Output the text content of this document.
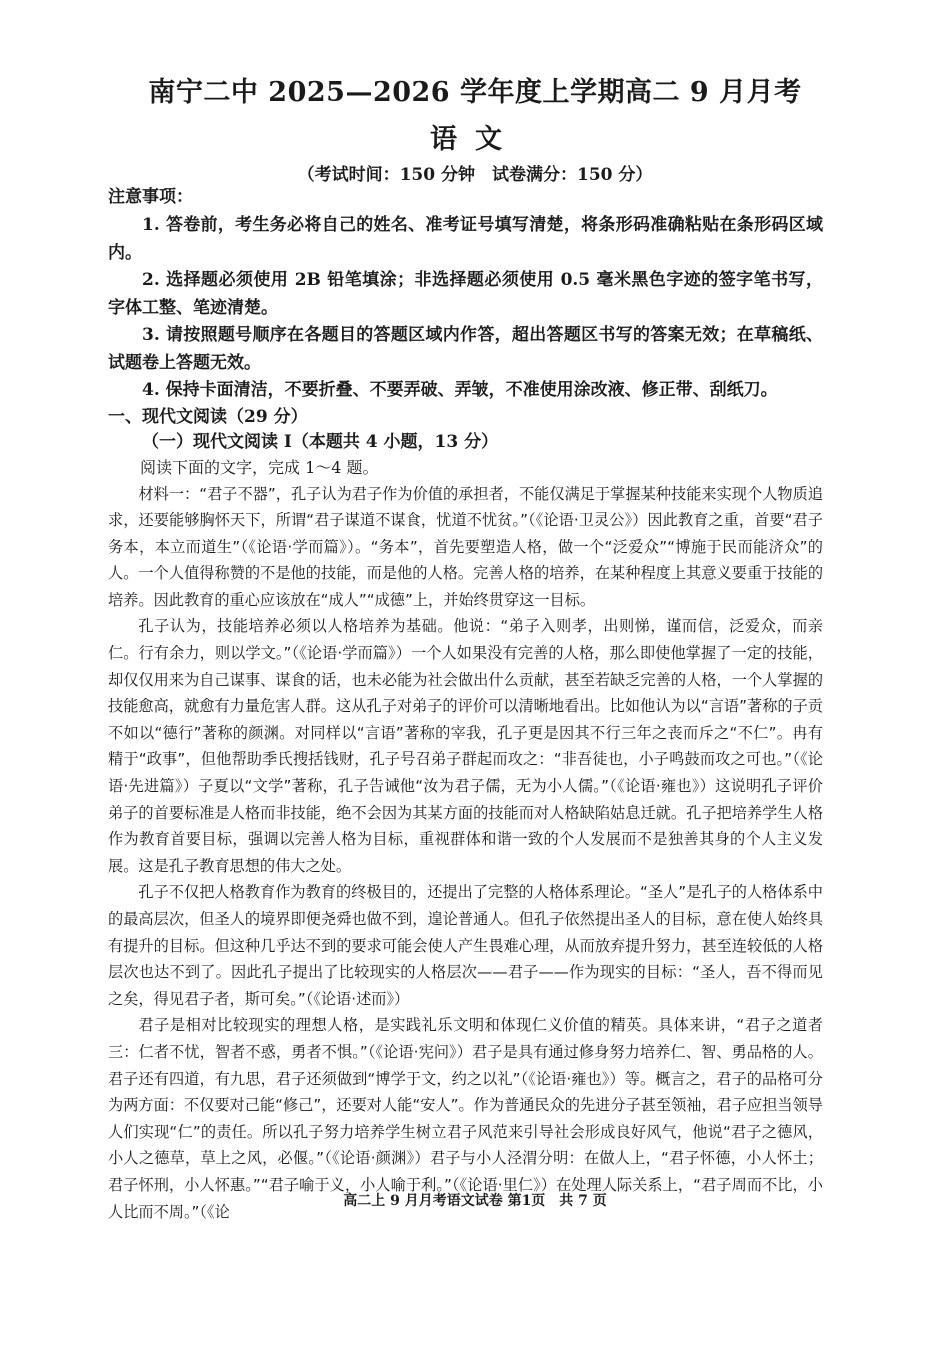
南宁二中 2025—2026 学年度上学期高二 9 月月考
语文
（考试时间：150 分钟　试卷满分：150 分）
注意事项：

1. 答卷前，考生务必将自己的姓名、准考证号填写清楚，将条形码准确粘贴在条形码区域内。

2. 选择题必须使用 2B 铅笔填涂；非选择题必须使用 0.5 毫米黑色字迹的签字笔书写，字体工整、笔迹清楚。

3. 请按照题号顺序在各题目的答题区域内作答，超出答题区书写的答案无效；在草稿纸、试题卷上答题无效。

4. 保持卡面清洁，不要折叠、不要弄破、弄皱，不准使用涂改液、修正带、刮纸刀。

一、现代文阅读（29 分）

（一）现代文阅读 I（本题共 4 小题，13 分）

阅读下面的文字，完成 1～4 题。

材料一：“君子不器”，孔子认为君子作为价值的承担者，不能仅满足于掌握某种技能来实现个人物质追求，还要能够胸怀天下，所谓“君子谋道不谋食，忧道不忧贫。”（《论语·卫灵公》）因此教育之重，首要“君子务本，本立而道生”（《论语·学而篇》）。“务本”，首先要塑造人格，做一个“泛爱众”“博施于民而能济众”的人。一个人值得称赞的不是他的技能，而是他的人格。完善人格的培养，在某种程度上其意义要重于技能的培养。因此教育的重心应该放在“成人”“成德”上，并始终贯穿这一目标。

孔子认为，技能培养必须以人格培养为基础。他说：“弟子入则孝，出则悌，谨而信，泛爱众，而亲仁。行有余力，则以学文。”（《论语·学而篇》）一个人如果没有完善的人格，那么即使他掌握了一定的技能，却仅仅用来为自己谋事、谋食的话，也未必能为社会做出什么贡献，甚至若缺乏完善的人格，一个人掌握的技能愈高，就愈有力量危害人群。这从孔子对弟子的评价可以清晰地看出。比如他认为以“言语”著称的子贡不如以“德行”著称的颜渊。对同样以“言语”著称的宰我，孔子更是因其不行三年之丧而斥之“不仁”。冉有精于“政事”，但他帮助季氏搜括钱财，孔子号召弟子群起而攻之：“非吾徒也，小子鸣鼓而攻之可也。”（《论语·先进篇》）子夏以“文学”著称，孔子告诫他“汝为君子儒，无为小人儒。”（《论语·雍也》）这说明孔子评价弟子的首要标准是人格而非技能，绝不会因为其某方面的技能而对人格缺陷姑息迁就。孔子把培养学生人格作为教育首要目标，强调以完善人格为目标，重视群体和谐一致的个人发展而不是独善其身的个人主义发展。这是孔子教育思想的伟大之处。

孔子不仅把人格教育作为教育的终极目的，还提出了完整的人格体系理论。“圣人”是孔子的人格体系中的最高层次，但圣人的境界即便尧舜也做不到，遑论普通人。但孔子依然提出圣人的目标，意在使人始终具有提升的目标。但这种几乎达不到的要求可能会使人产生畏难心理，从而放弃提升努力，甚至连较低的人格层次也达不到了。因此孔子提出了比较现实的人格层次——君子——作为现实的目标：“圣人，吾不得而见之矣，得见君子者，斯可矣。”（《论语·述而》）

君子是相对比较现实的理想人格，是实践礼乐文明和体现仁义价值的精英。具体来讲，“君子之道者三：仁者不忧，智者不惑，勇者不惧。”（《论语·宪问》）君子是具有通过修身努力培养仁、智、勇品格的人。君子还有四道，有九思，君子还须做到“博学于文，约之以礼”（《论语·雍也》）等。概言之，君子的品格可分为两方面：不仅要对己能“修己”，还要对人能“安人”。作为普通民众的先进分子甚至领袖，君子应担当领导人们实现“仁”的责任。所以孔子努力培养学生树立君子风范来引导社会形成良好风气，他说“君子之德风，小人之德草，草上之风，必偃。”（《论语·颜渊》）君子与小人泾渭分明：在做人上，“君子怀德，小人怀土；君子怀刑，小人怀惠。”“君子喻于义，小人喻于利。”（《论语·里仁》）在处理人际关系上，“君子周而不比，小人比而不周。”（《论

高二上 9 月月考语文试卷 第1页　共 7 页
